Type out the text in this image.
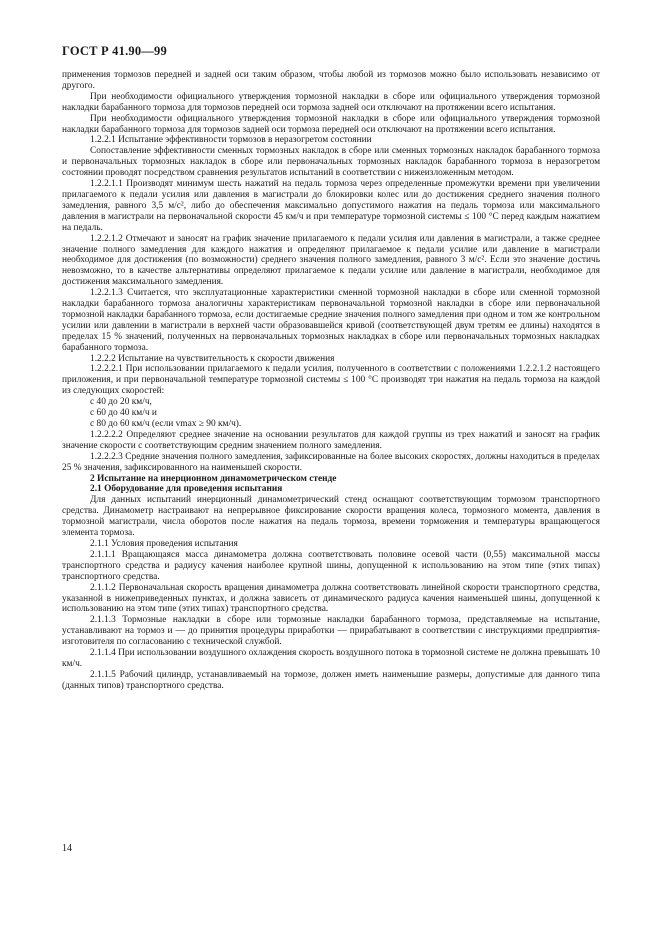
ГОСТ Р 41.90—99

применения тормозов передней и задней оси таким образом, чтобы любой из тормозов можно было использовать независимо от другого.

При необходимости официального утверждения тормозной накладки в сборе или официального утверждения тормозной накладки барабанного тормоза для тормозов передней оси тормоза задней оси отключают на протяжении всего испытания.

При необходимости официального утверждения тормозной накладки в сборе или официального утверждения тормозной накладки барабанного тормоза для тормозов задней оси тормоза передней оси отключают на протяжении всего испытания.

1.2.2.1 Испытание эффективности тормозов в неразогретом состоянии

Сопоставление эффективности сменных тормозных накладок в сборе или сменных тормозных накладок барабанного тормоза и первоначальных тормозных накладок в сборе или первоначальных тормозных накладок барабанного тормоза в неразогретом состоянии проводят посредством сравнения результатов испытаний в соответствии с нижеизложенным методом.

1.2.2.1.1 Производят минимум шесть нажатий на педаль тормоза через определенные промежутки времени при увеличении прилагаемого к педали усилия или давления в магистрали до блокировки колес или до достижения среднего значения полного замедления, равного 3,5 м/с², либо до обеспечения максимально допустимого нажатия на педаль тормоза или максимального давления в магистрали на первоначальной скорости 45 км/ч и при температуре тормозной системы ≤ 100 °С перед каждым нажатием на педаль.

1.2.2.1.2 Отмечают и заносят на график значение прилагаемого к педали усилия или давления в магистрали, а также среднее значение полного замедления для каждого нажатия и определяют прилагаемое к педали усилие или давление в магистрали необходимое для достижения (по возможности) среднего значения полного замедления, равного 3 м/с². Если это значение достичь невозможно, то в качестве альтернативы определяют прилагаемое к педали усилие или давление в магистрали, необходимое для достижения максимального замедления.

1.2.2.1.3 Считается, что эксплуатационные характеристики сменной тормозной накладки в сборе или сменной тормозной накладки барабанного тормоза аналогичны характеристикам первоначальной тормозной накладки в сборе или первоначальной тормозной накладки барабанного тормоза, если достигаемые средние значения полного замедления при одном и том же контрольном усилии или давлении в магистрали в верхней части образовавшейся кривой (соответствующей двум третям ее длины) находятся в пределах 15 % значений, полученных на первоначальных тормозных накладках в сборе или первоначальных тормозных накладках барабанного тормоза.

1.2.2.2 Испытание на чувствительность к скорости движения

1.2.2.2.1 При использовании прилагаемого к педали усилия, полученного в соответствии с положениями 1.2.2.1.2 настоящего приложения, и при первоначальной температуре тормозной системы ≤ 100 °С производят три нажатия на педаль тормоза на каждой из следующих скоростей:

с 40 до 20 км/ч,

с 60 до 40 км/ч и

с 80 до 60 км/ч (если vmax ≥ 90 км/ч).

1.2.2.2.2 Определяют среднее значение на основании результатов для каждой группы из трех нажатий и заносят на график значение скорости с соответствующим средним значением полного замедления.

1.2.2.2.3 Средние значения полного замедления, зафиксированные на более высоких скоростях, должны находиться в пределах 25 % значения, зафиксированного на наименьшей скорости.

2 Испытание на инерционном динамометрическом стенде

2.1 Оборудование для проведения испытания

Для данных испытаний инерционный динамометрический стенд оснащают соответствующим тормозом транспортного средства. Динамометр настраивают на непрерывное фиксирование скорости вращения колеса, тормозного момента, давления в тормозной магистрали, числа оборотов после нажатия на педаль тормоза, времени торможения и температуры вращающегося элемента тормоза.

2.1.1 Условия проведения испытания

2.1.1.1 Вращающаяся масса динамометра должна соответствовать половине осевой части (0,55) максимальной массы транспортного средства и радиусу качения наиболее крупной шины, допущенной к использованию на этом типе (этих типах) транспортного средства.

2.1.1.2 Первоначальная скорость вращения динамометра должна соответствовать линейной скорости транспортного средства, указанной в нижеприведенных пунктах, и должна зависеть от динамического радиуса качения наименьшей шины, допущенной к использованию на этом типе (этих типах) транспортного средства.

2.1.1.3 Тормозные накладки в сборе или тормозные накладки барабанного тормоза, представляемые на испытание, устанавливают на тормоз и — до принятия процедуры приработки — прирабатывают в соответствии с инструкциями предприятия-изготовителя по согласованию с технической службой.

2.1.1.4 При использовании воздушного охлаждения скорость воздушного потока в тормозной системе не должна превышать 10 км/ч.

2.1.1.5 Рабочий цилиндр, устанавливаемый на тормозе, должен иметь наименьшие размеры, допустимые для данного типа (данных типов) транспортного средства.

14
